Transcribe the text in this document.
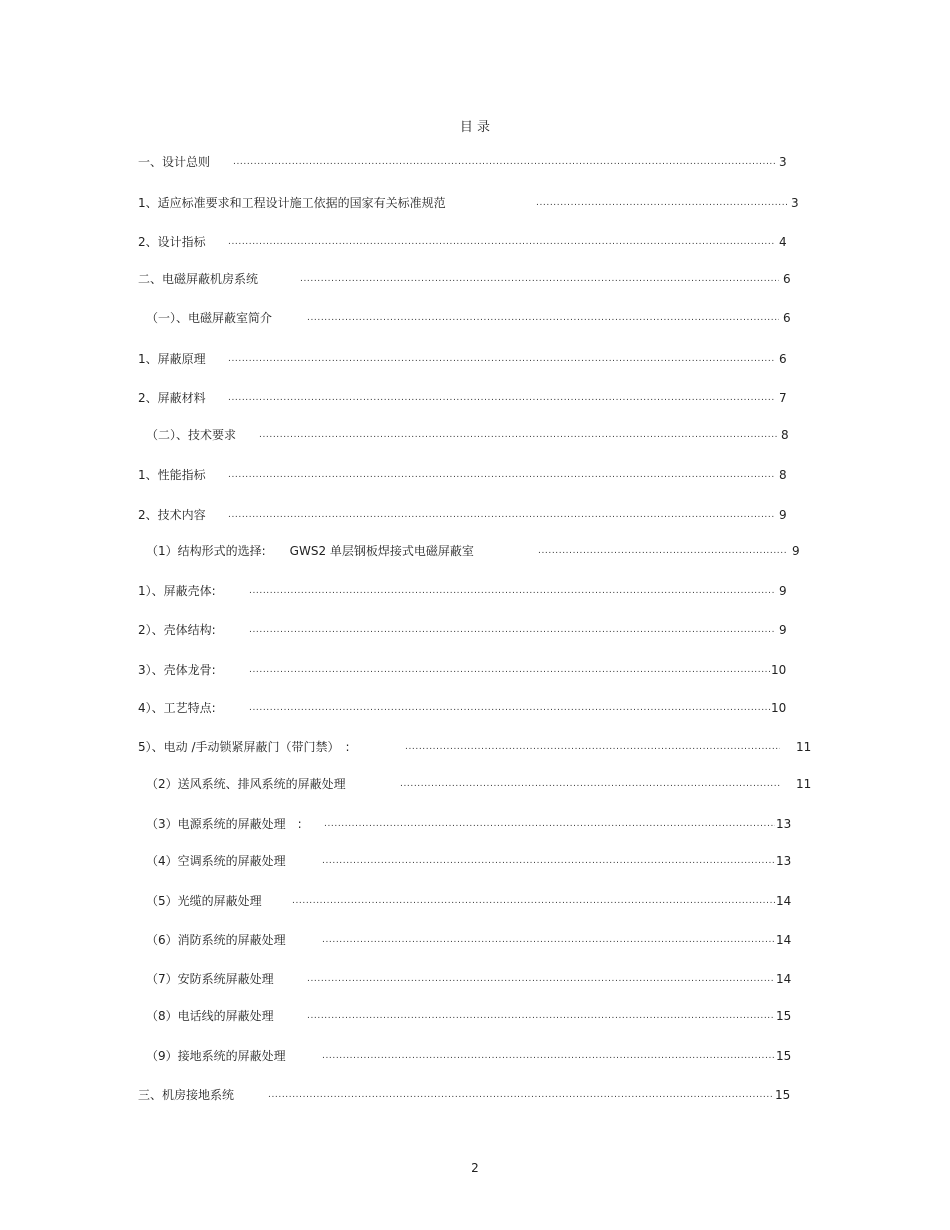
目 录
一、设计总则 .....	3
1、适应标准要求和工程设计施工依据的国家有关标准规范 .....	3
2、设计指标 .....	4
二、电磁屏蔽机房系统 .....	6
（一）、电磁屏蔽室简介 .....	6
1、屏蔽原理 .....	6
2、屏蔽材料 .....	7
（二）、技术要求 .....	8
1、性能指标 .....	8
2、技术内容 .....	9
（1）结构形式的选择:　　GWS2 单层钢板焊接式电磁屏蔽室 .....	9
1）、屏蔽壳体: .....	9
2）、壳体结构: .....	9
3）、壳体龙骨: .....	10
4）、工艺特点: .....	10
5）、电动 /手动锁紧屏蔽门（带门禁）　: .....	11
（2）送风系统、排风系统的屏蔽处理 .....	11
（3）电源系统的屏蔽处理　: .....	13
（4）空调系统的屏蔽处理 .....	13
（5）光缆的屏蔽处理 .....	14
（6）消防系统的屏蔽处理 .....	14
（7）安防系统屏蔽处理 .....	14
（8）电话线的屏蔽处理 .....	15
（9）接地系统的屏蔽处理 .....	15
三、机房接地系统 .....	15
2
